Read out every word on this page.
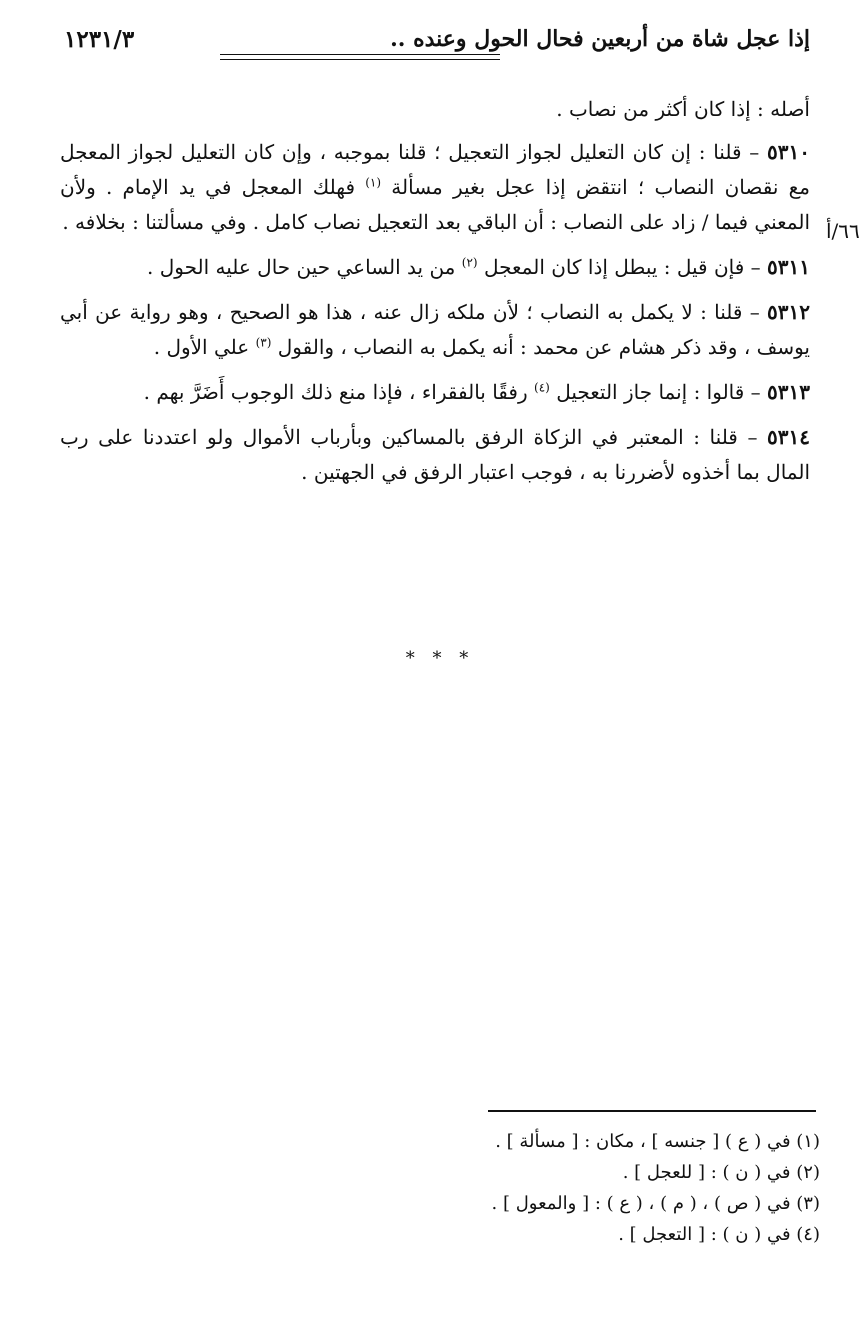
إذا عجل شاة من أربعين فحال الحول وعنده ..
١٢٣١/٣
٦٦/أ

أصله : إذا كان أكثر من نصاب .

٥٣١٠ – قلنا : إن كان التعليل لجواز التعجيل ؛ قلنا بموجبه ، وإن كان التعليل لجواز المعجل مع نقصان النصاب ؛ انتقض إذا عجل بغير مسألة $^{(١)}$ فهلك المعجل في يد الإمام . ولأن المعني فيما / زاد على النصاب : أن الباقي بعد التعجيل نصاب كامل . وفي مسألتنا : بخلافه .

٥٣١١ – فإن قيل : يبطل إذا كان المعجل $^{(٢)}$ من يد الساعي حين حال عليه الحول .

٥٣١٢ – قلنا : لا يكمل به النصاب ؛ لأن ملكه زال عنه ، هذا هو الصحيح ، وهو رواية عن أبي يوسف ، وقد ذكر هشام عن محمد : أنه يكمل به النصاب ، والقول $^{(٣)}$ علي الأول .

٥٣١٣ – قالوا : إنما جاز التعجيل $^{(٤)}$ رفقًا بالفقراء ، فإذا منع ذلك الوجوب أَضَرَّ بهم .

٥٣١٤ – قلنا : المعتبر في الزكاة الرفق بالمساكين وبأرباب الأموال ولو اعتددنا على رب المال بما أخذوه لأضررنا به ، فوجب اعتبار الرفق في الجهتين .

* * *
(١) في ( ع ) [ جنسه ] ، مكان : [ مسألة ] .
(٢) في ( ن ) : [ للعجل ] .
(٣) في ( ص ) ، ( م ) ، ( ع ) : [ والمعول ] .
(٤) في ( ن ) : [ التعجل ] .
